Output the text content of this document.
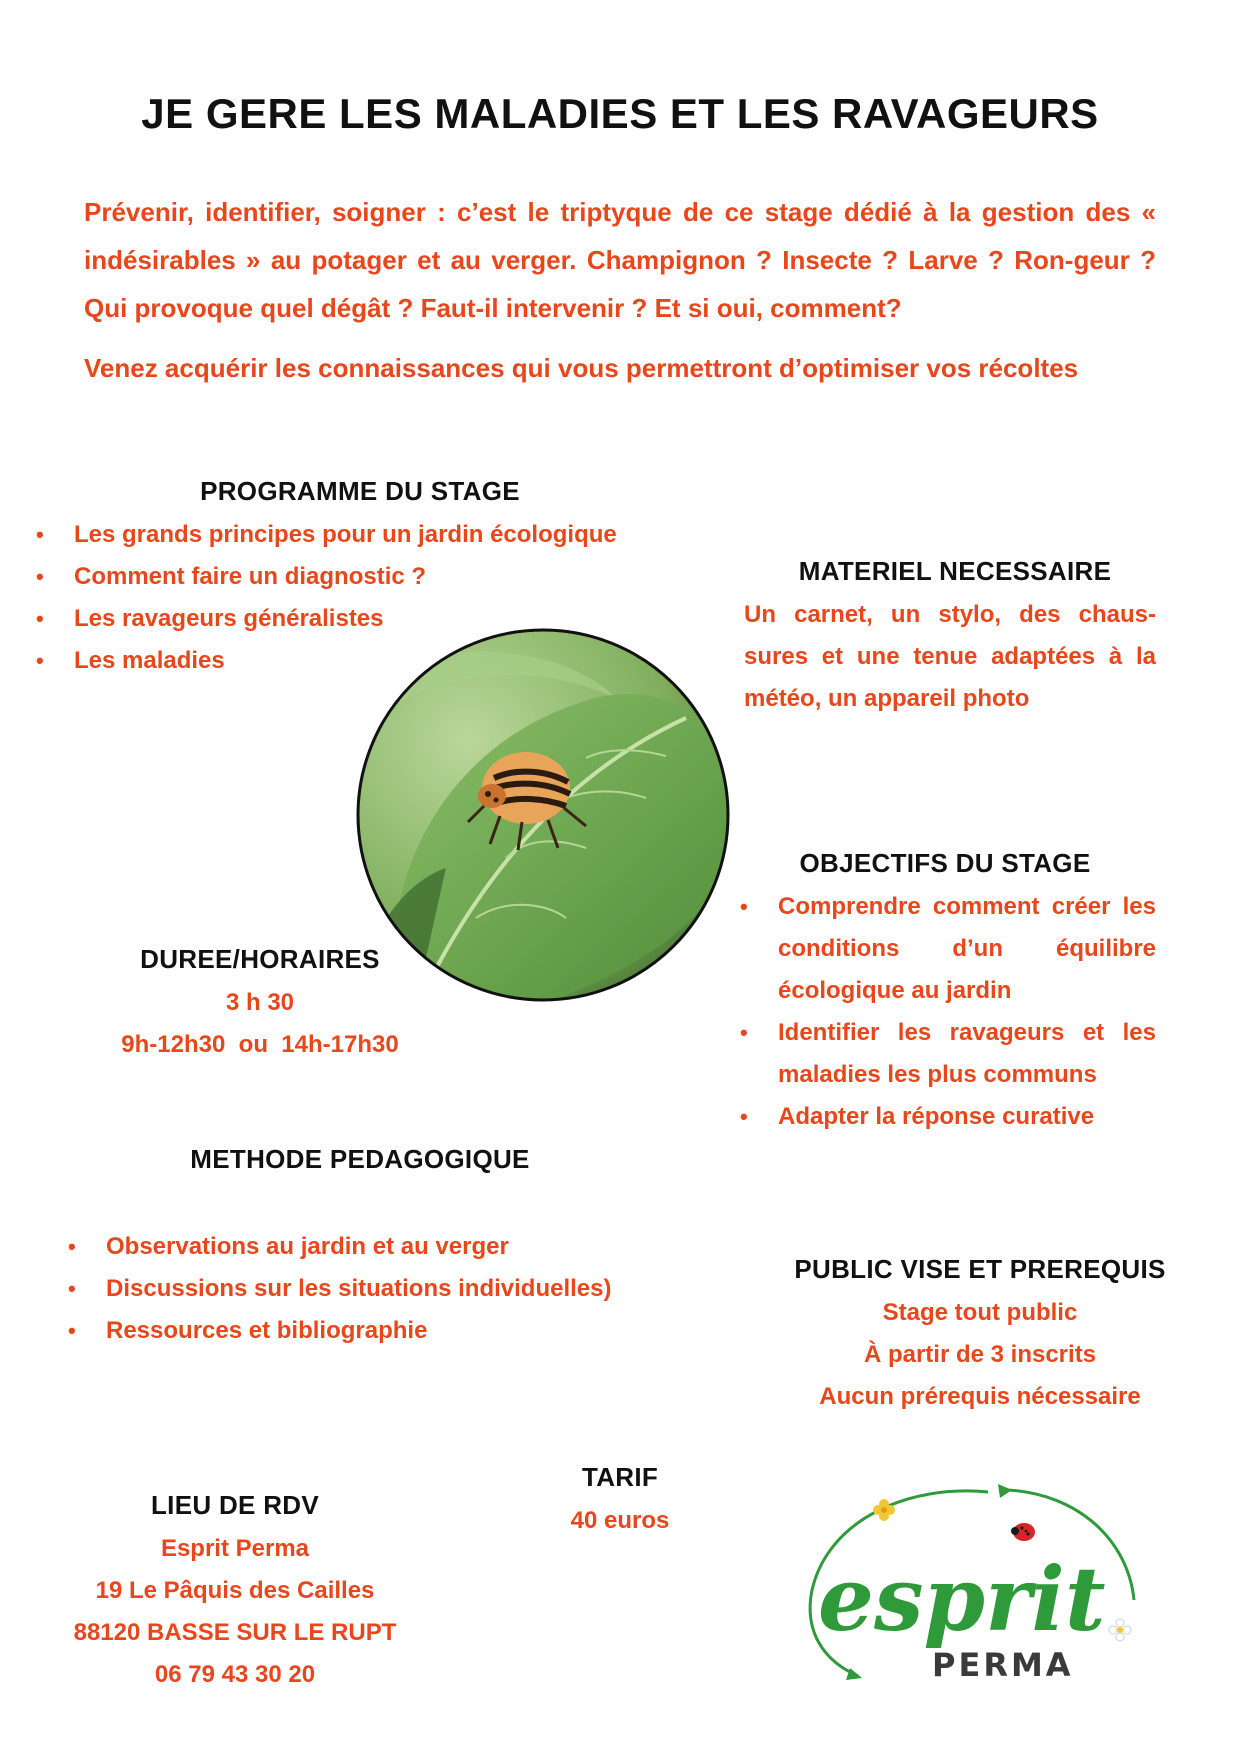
JE GERE LES MALADIES ET LES RAVAGEURS
Prévenir, identifier, soigner : c’est le triptyque de ce stage dédié à la gestion des « indésirables » au potager et au verger. Champignon ? Insecte ? Larve ? Ron-geur ? Qui provoque quel dégât ? Faut-il intervenir ? Et si oui, comment?
Venez acquérir les connaissances qui vous permettront d’optimiser vos récoltes
PROGRAMME DU STAGE
• Les grands principes pour un jardin écologique
• Comment faire un diagnostic ?
• Les ravageurs généralistes
• Les maladies
MATERIEL NECESSAIRE
Un carnet, un stylo, des chaus-sures et une tenue adaptées à la météo, un appareil photo
OBJECTIFS DU STAGE
• Comprendre comment créer les conditions d’un équilibre écologique au jardin
• Identifier les ravageurs et les maladies les plus communs
• Adapter la réponse curative
DUREE/HORAIRES
3 h 30
9h-12h30  ou  14h-17h30
METHODE PEDAGOGIQUE
• Observations au jardin et au verger
• Discussions sur les situations individuelles)
• Ressources et bibliographie
PUBLIC VISE ET PREREQUIS
Stage tout public
À partir de 3 inscrits
Aucun prérequis nécessaire
TARIF
40 euros
LIEU DE RDV
Esprit Perma
19 Le Pâquis des Cailles
88120 BASSE SUR LE RUPT
06 79 43 30 20
esprit
PERMA
